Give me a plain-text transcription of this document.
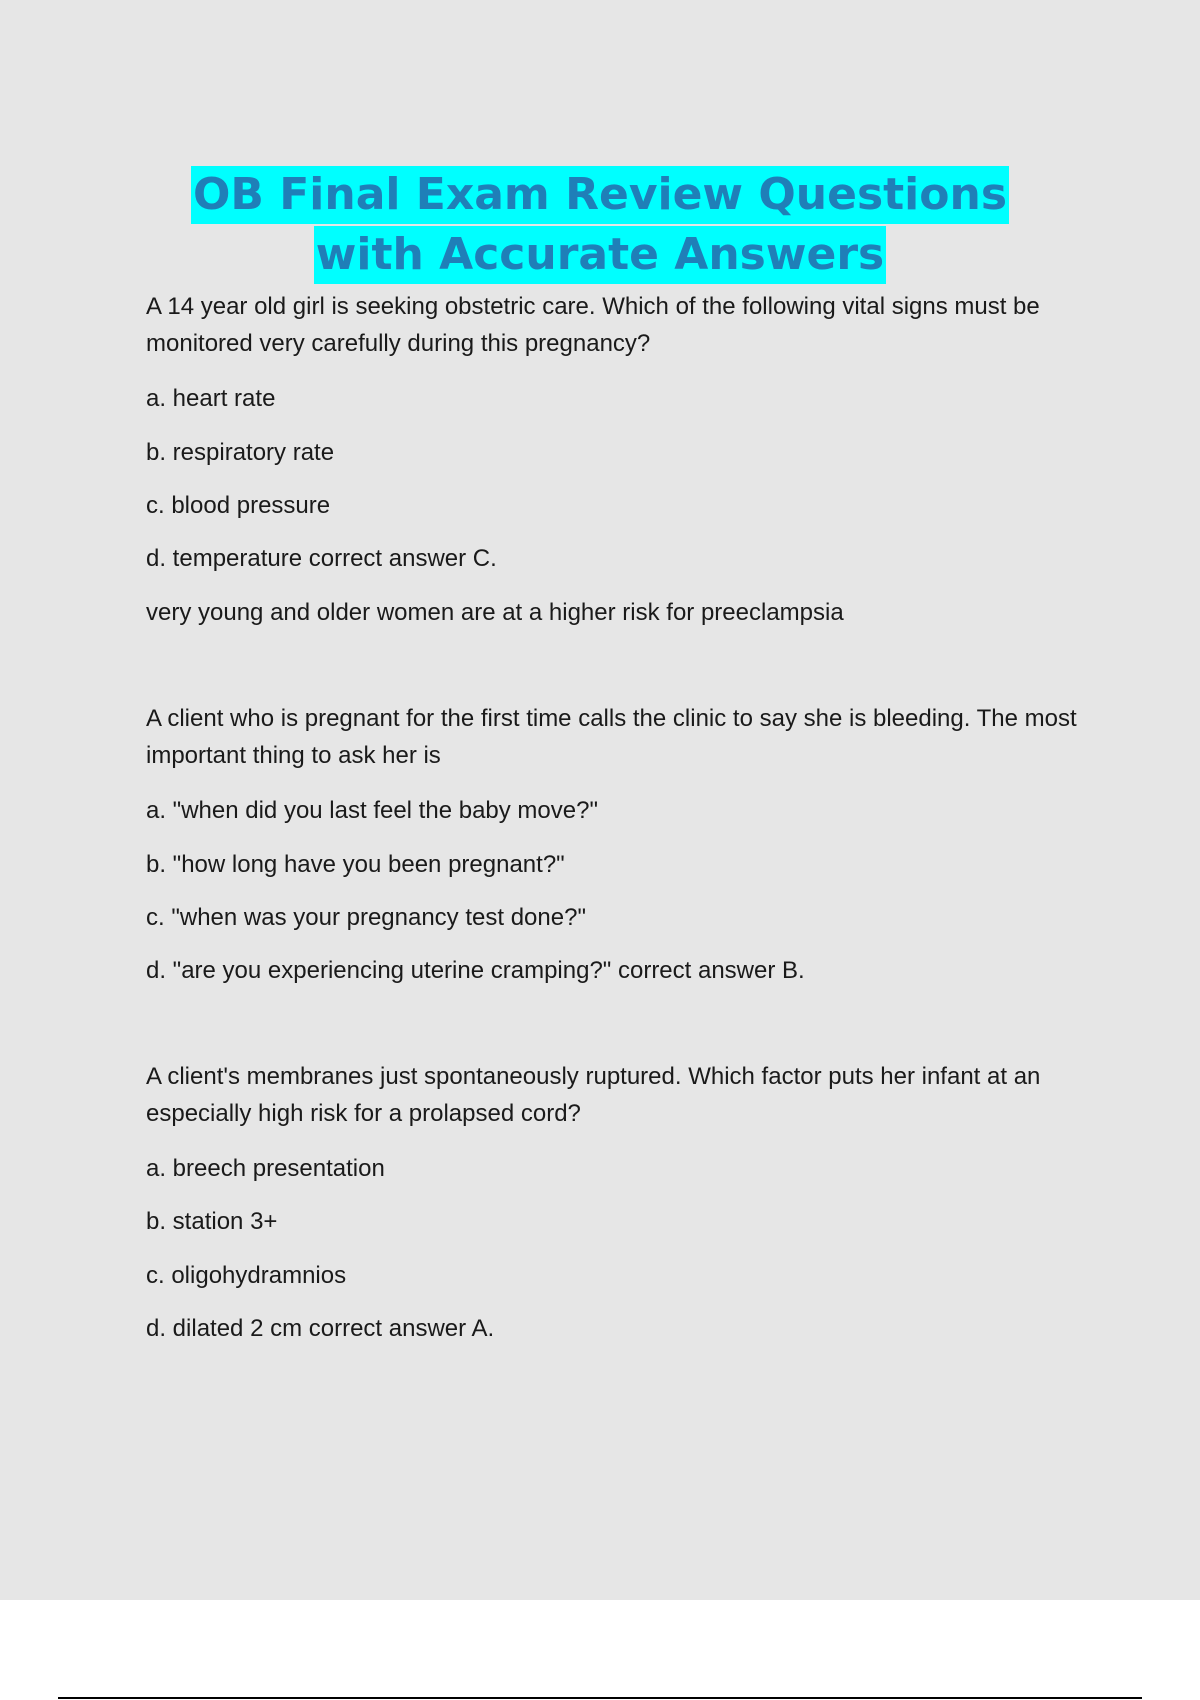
OB Final Exam Review Questions
with Accurate Answers

A 14 year old girl is seeking obstetric care. Which of the following vital signs must be monitored very carefully during this pregnancy?

a. heart rate

b. respiratory rate

c. blood pressure

d. temperature correct answer C.

very young and older women are at a higher risk for preeclampsia

A client who is pregnant for the first time calls the clinic to say she is bleeding. The most important thing to ask her is

a. "when did you last feel the baby move?"

b. "how long have you been pregnant?"

c. "when was your pregnancy test done?"

d. "are you experiencing uterine cramping?" correct answer B.

A client's membranes just spontaneously ruptured. Which factor puts her infant at an especially high risk for a prolapsed cord?

a. breech presentation

b. station 3+

c. oligohydramnios

d. dilated 2 cm correct answer A.
